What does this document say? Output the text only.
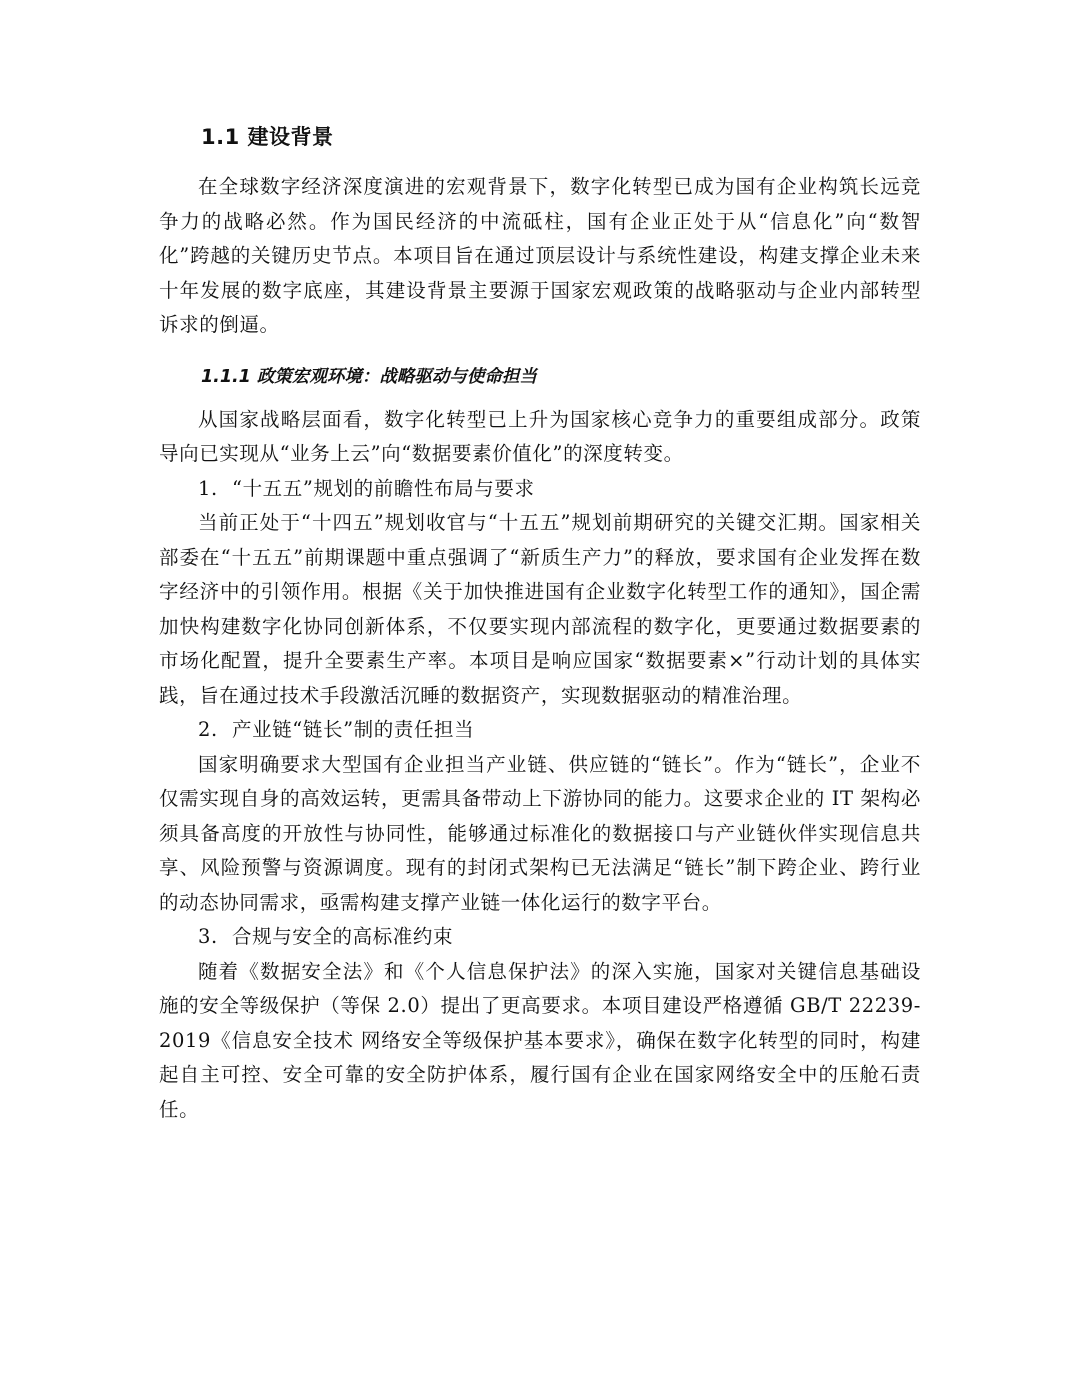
1.1 建设背景

在全球数字经济深度演进的宏观背景下，数字化转型已成为国有企业构筑长远竞争力的战略必然。作为国民经济的中流砥柱，国有企业正处于从“信息化”向“数智化”跨越的关键历史节点。本项目旨在通过顶层设计与系统性建设，构建支撑企业未来十年发展的数字底座，其建设背景主要源于国家宏观政策的战略驱动与企业内部转型诉求的倒逼。

1.1.1 政策宏观环境：战略驱动与使命担当

从国家战略层面看，数字化转型已上升为国家核心竞争力的重要组成部分。政策导向已实现从“业务上云”向“数据要素价值化”的深度转变。

1. “十五五”规划的前瞻性布局与要求

当前正处于“十四五”规划收官与“十五五”规划前期研究的关键交汇期。国家相关部委在“十五五”前期课题中重点强调了“新质生产力”的释放，要求国有企业发挥在数字经济中的引领作用。根据《关于加快推进国有企业数字化转型工作的通知》，国企需加快构建数字化协同创新体系，不仅要实现内部流程的数字化，更要通过数据要素的市场化配置，提升全要素生产率。本项目是响应国家“数据要素×”行动计划的具体实践，旨在通过技术手段激活沉睡的数据资产，实现数据驱动的精准治理。

2. 产业链“链长”制的责任担当

国家明确要求大型国有企业担当产业链、供应链的“链长”。作为“链长”，企业不仅需实现自身的高效运转，更需具备带动上下游协同的能力。这要求企业的 IT 架构必须具备高度的开放性与协同性，能够通过标准化的数据接口与产业链伙伴实现信息共享、风险预警与资源调度。现有的封闭式架构已无法满足“链长”制下跨企业、跨行业的动态协同需求，亟需构建支撑产业链一体化运行的数字平台。

3. 合规与安全的高标准约束

随着《数据安全法》和《个人信息保护法》的深入实施，国家对关键信息基础设施的安全等级保护（等保 2.0）提出了更高要求。本项目建设严格遵循 GB/T 22239-2019《信息安全技术 网络安全等级保护基本要求》，确保在数字化转型的同时，构建起自主可控、安全可靠的安全防护体系，履行国有企业在国家网络安全中的压舱石责任。
